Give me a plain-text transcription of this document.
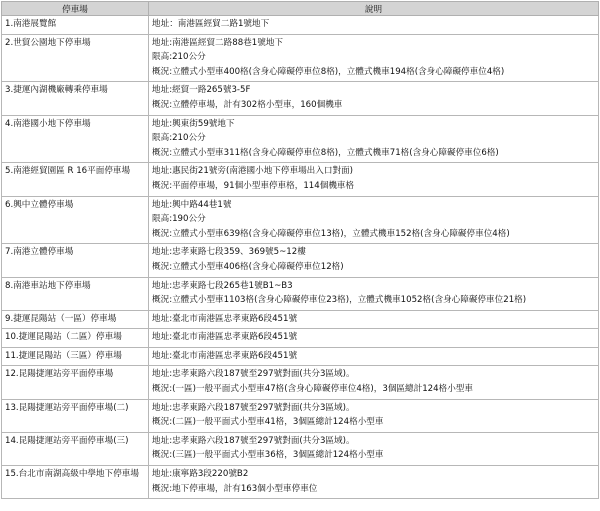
停車場	說明
1.南港展覽館	地址：南港區經貿二路1號地下

2.世貿公園地下停車場	地址:南港區經貿二路88巷1號地下
限高:210公分
概況:立體式小型車400格(含身心障礙停車位8格)，立體式機車194格(含身心障礙停車位4格)

3.捷運內湖機廠轉乘停車場	地址:經貿一路265號3-5F
概況:立體停車場，計有302格小型車，160個機車

4.南港國小地下停車場	地址:興東街59號地下
限高:210公分
概況:立體式小型車311格(含身心障礙停車位8格)，立體式機車71格(含身心障礙停車位6格)

5.南港經貿園區 R 16平面停車場	地址:惠民街21號旁(南港國小地下停車場出入口對面)
概況:平面停車場，91個小型車停車格，114個機車格

6.興中立體停車場	地址:興中路44巷1號
限高:190公分
概況:立體式小型車639格(含身心障礙停車位13格)，立體式機車152格(含身心障礙停車位4格)

7.南港立體停車場	地址:忠孝東路七段359、369號5~12樓
概況:立體式小型車406格(含身心障礙停車位12格)

8.南港車站地下停車場	地址:忠孝東路七段265巷1號B1~B3
概況:立體式小型車1103格(含身心障礙停車位23格)，立體式機車1052格(含身心障礙停車位21格)

9.捷運昆陽站（一區）停車場	地址:臺北市南港區忠孝東路6段451號

10.捷運昆陽站（二區）停車場	地址:臺北市南港區忠孝東路6段451號

11.捷運昆陽站（三區）停車場	地址:臺北市南港區忠孝東路6段451號

12.昆陽捷運站旁平面停車場	地址:忠孝東路六段187號至297號對面(共分3區域)。
概況:(一區)一般平面式小型車47格(含身心障礙停車位4格)，3個區總計124格小型車

13.昆陽捷運站旁平面停車場(二)	地址:忠孝東路六段187號至297號對面(共分3區域)。
概況:(二區)一般平面式小型車41格，3個區總計124格小型車

14.昆陽捷運站旁平面停車場(三)	地址:忠孝東路六段187號至297號對面(共分3區域)。
概況:(三區)一般平面式小型車36格，3個區總計124格小型車

15.台北市南湖高級中學地下停車場	地址:康寧路3段220號B2
概況:地下停車場，計有163個小型車停車位
